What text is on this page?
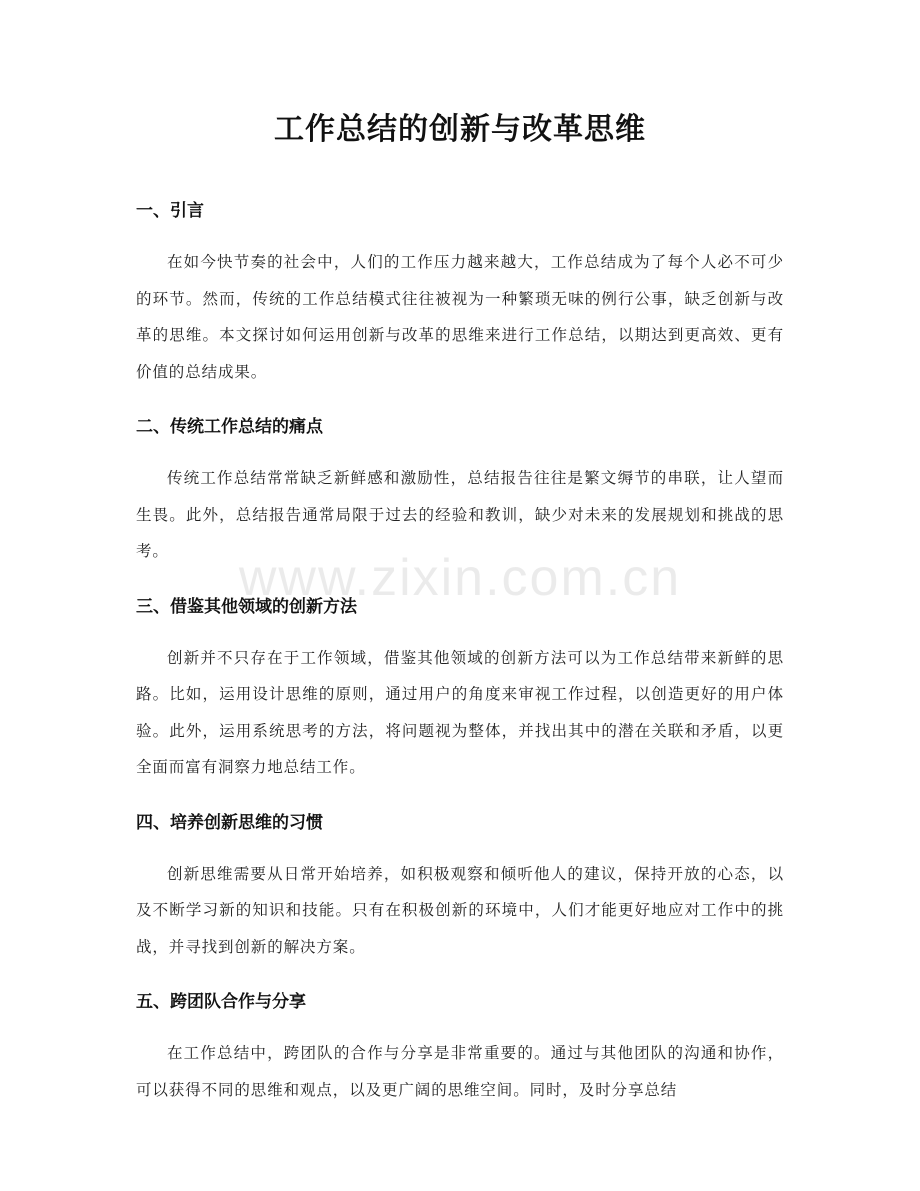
工作总结的创新与改革思维
一、引言

在如今快节奏的社会中，人们的工作压力越来越大，工作总结成为了每个人必不可少的环节。然而，传统的工作总结模式往往被视为一种繁琐无味的例行公事，缺乏创新与改革的思维。本文探讨如何运用创新与改革的思维来进行工作总结，以期达到更高效、更有价值的总结成果。

二、传统工作总结的痛点

传统工作总结常常缺乏新鲜感和激励性，总结报告往往是繁文缛节的串联，让人望而生畏。此外，总结报告通常局限于过去的经验和教训，缺少对未来的发展规划和挑战的思考。

三、借鉴其他领域的创新方法

创新并不只存在于工作领域，借鉴其他领域的创新方法可以为工作总结带来新鲜的思路。比如，运用设计思维的原则，通过用户的角度来审视工作过程，以创造更好的用户体验。此外，运用系统思考的方法，将问题视为整体，并找出其中的潜在关联和矛盾，以更全面而富有洞察力地总结工作。

四、培养创新思维的习惯

创新思维需要从日常开始培养，如积极观察和倾听他人的建议，保持开放的心态，以及不断学习新的知识和技能。只有在积极创新的环境中，人们才能更好地应对工作中的挑战，并寻找到创新的解决方案。

五、跨团队合作与分享

在工作总结中，跨团队的合作与分享是非常重要的。通过与其他团队的沟通和协作，可以获得不同的思维和观点，以及更广阔的思维空间。同时，及时分享总结

www.zixin.com.cn
